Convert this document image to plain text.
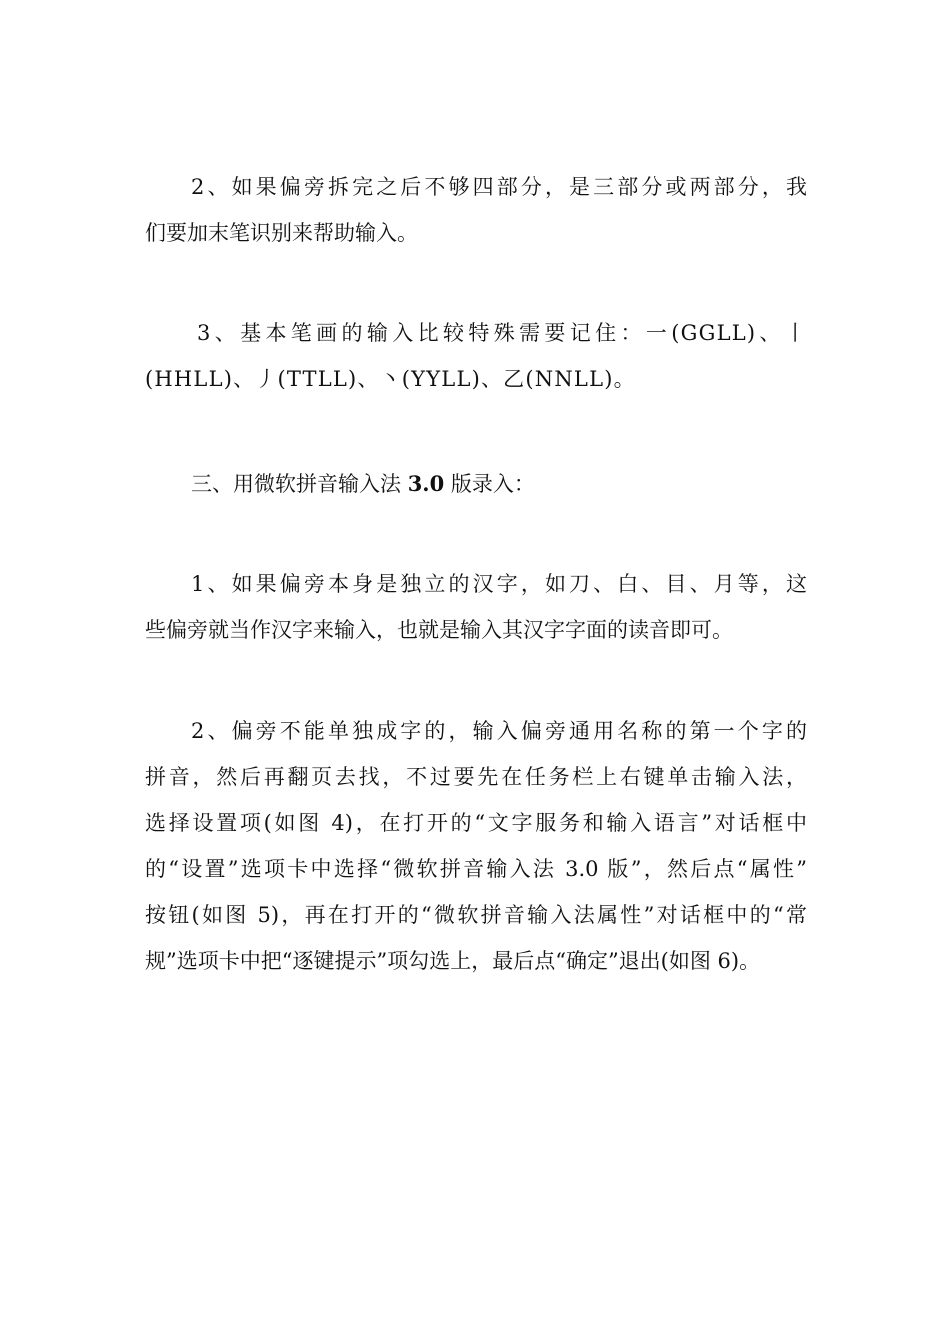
2、如果偏旁拆完之后不够四部分，是三部分或两部分，我
们要加末笔识别来帮助输入。

3、基本笔画的输入比较特殊需要记住：一(GGLL)、丨
(HHLL)、丿(TTLL)、丶(YYLL)、乙(NNLL)。

三、用微软拼音输入法 3.0 版录入：

1、如果偏旁本身是独立的汉字，如刀、白、目、月等，这
些偏旁就当作汉字来输入，也就是输入其汉字字面的读音即可。

2、偏旁不能单独成字的，输入偏旁通用名称的第一个字的
拼音，然后再翻页去找，不过要先在任务栏上右键单击输入法，
选择设置项(如图 4)，在打开的“文字服务和输入语言”对话框中
的“设置”选项卡中选择“微软拼音输入法 3.0 版”，然后点“属性”
按钮(如图 5)，再在打开的“微软拼音输入法属性”对话框中的“常
规”选项卡中把“逐键提示”项勾选上，最后点“确定”退出(如图 6)。
